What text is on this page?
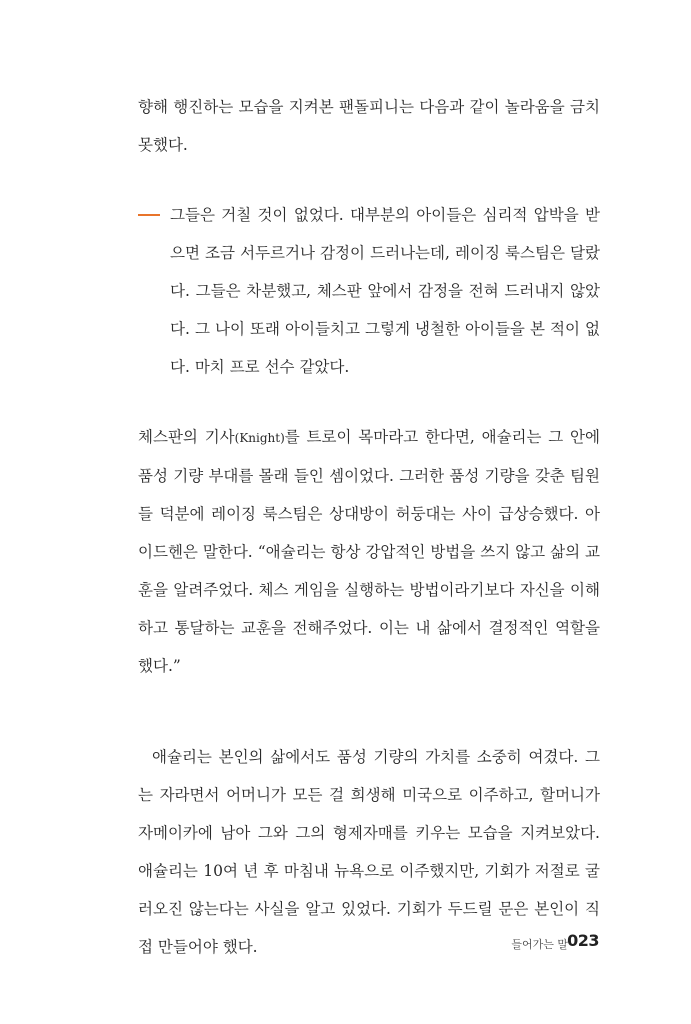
향해 행진하는 모습을 지켜본 팬돌피니는 다음과 같이 놀라움을 금치 못했다.

그들은 거칠 것이 없었다. 대부분의 아이들은 심리적 압박을 받으면 조금 서두르거나 감정이 드러나는데, 레이징 룩스팀은 달랐다. 그들은 차분했고, 체스판 앞에서 감정을 전혀 드러내지 않았다. 그 나이 또래 아이들치고 그렇게 냉철한 아이들을 본 적이 없다. 마치 프로 선수 같았다.

체스판의 기사(Knight)를 트로이 목마라고 한다면, 애슐리는 그 안에 품성 기량 부대를 몰래 들인 셈이었다. 그러한 품성 기량을 갖춘 팀원들 덕분에 레이징 룩스팀은 상대방이 허둥대는 사이 급상승했다. 아이드헨은 말한다. “애슐리는 항상 강압적인 방법을 쓰지 않고 삶의 교훈을 알려주었다. 체스 게임을 실행하는 방법이라기보다 자신을 이해하고 통달하는 교훈을 전해주었다. 이는 내 삶에서 결정적인 역할을 했다.”

애슐리는 본인의 삶에서도 품성 기량의 가치를 소중히 여겼다. 그는 자라면서 어머니가 모든 걸 희생해 미국으로 이주하고, 할머니가 자메이카에 남아 그와 그의 형제자매를 키우는 모습을 지켜보았다. 애슐리는 10여 년 후 마침내 뉴욕으로 이주했지만, 기회가 저절로 굴러오진 않는다는 사실을 알고 있었다. 기회가 두드릴 문은 본인이 직접 만들어야 했다.	들어가는 말 023
